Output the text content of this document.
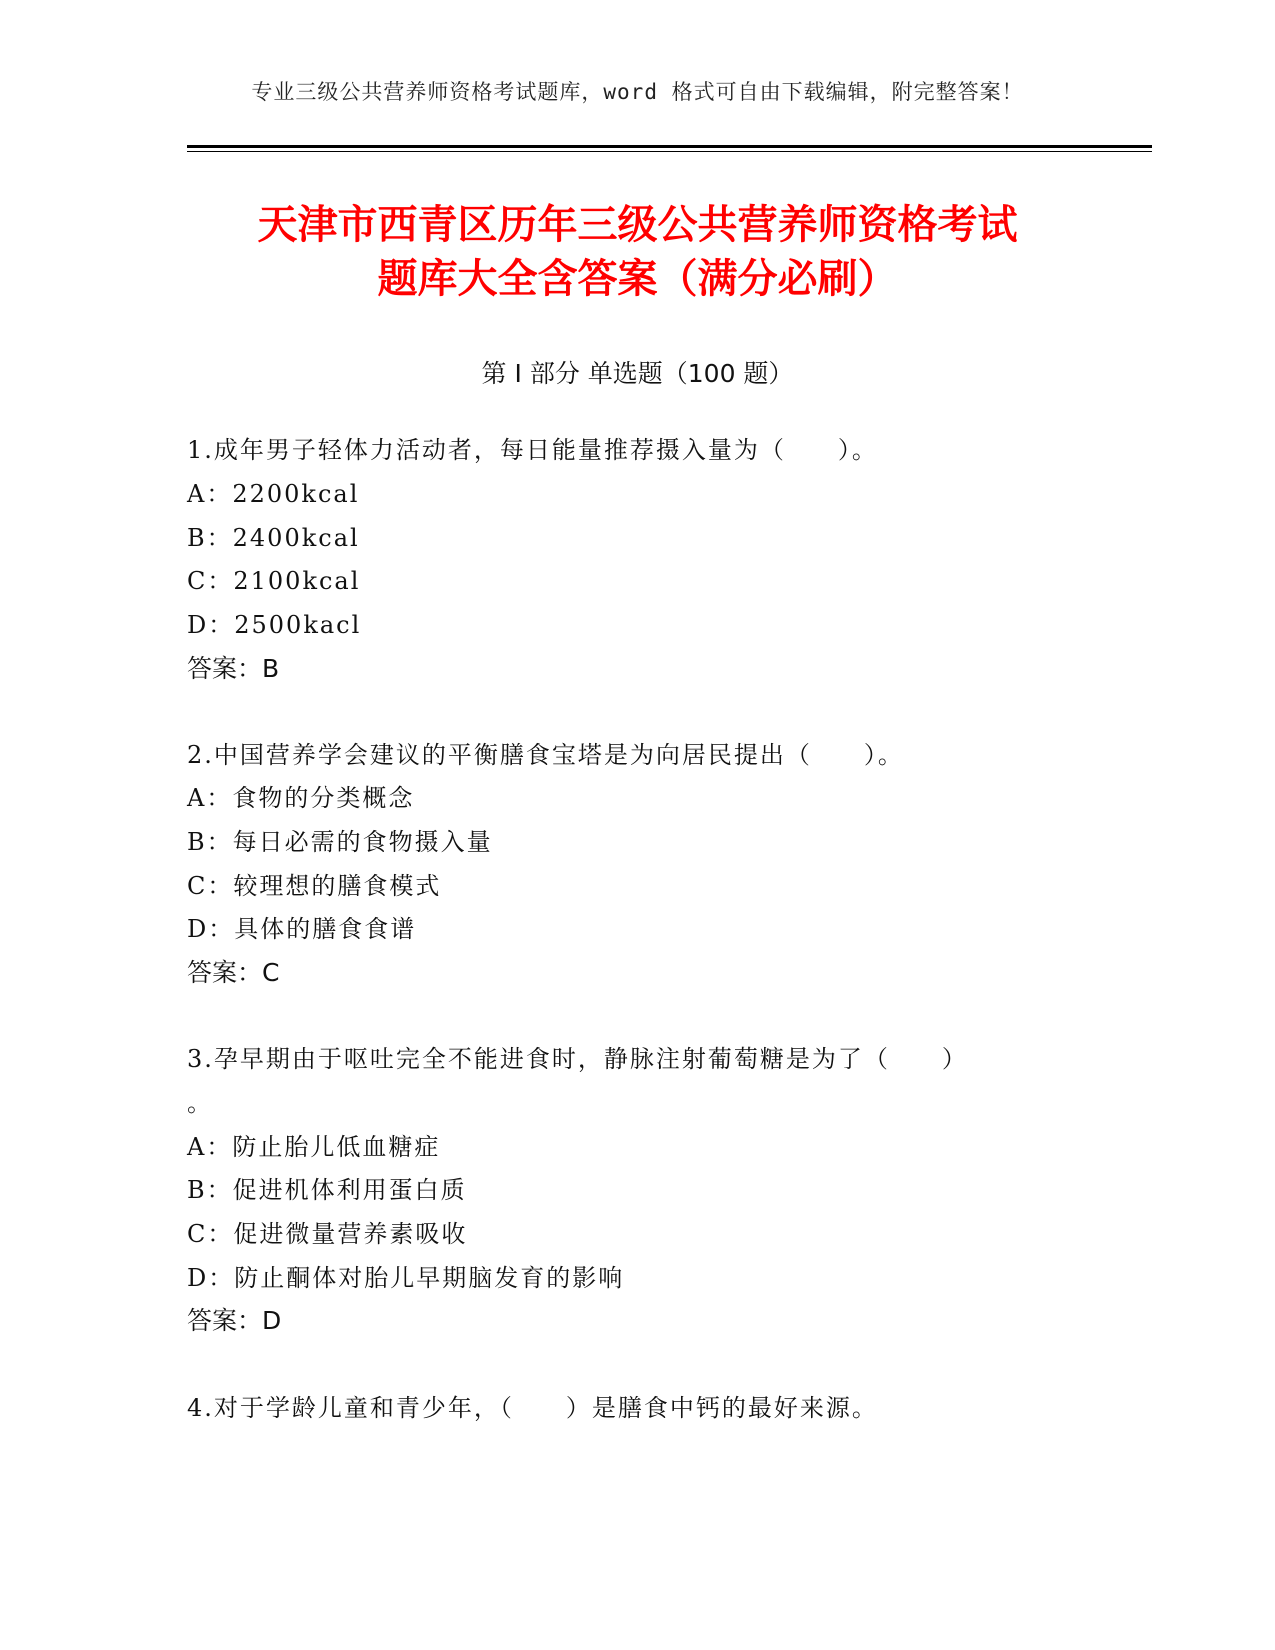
专业三级公共营养师资格考试题库，word 格式可自由下载编辑，附完整答案！
天津市西青区历年三级公共营养师资格考试
题库大全含答案（满分必刷）
第 I 部分 单选题（100 题）
1.成年男子轻体力活动者，每日能量推荐摄入量为（　　）。
A：2200kcal
B：2400kcal
C：2100kcal
D：2500kacl
答案：B
2.中国营养学会建议的平衡膳食宝塔是为向居民提出（　　）。
A：食物的分类概念
B：每日必需的食物摄入量
C：较理想的膳食模式
D：具体的膳食食谱
答案：C
3.孕早期由于呕吐完全不能进食时，静脉注射葡萄糖是为了（　　）
。
A：防止胎儿低血糖症
B：促进机体利用蛋白质
C：促进微量营养素吸收
D：防止酮体对胎儿早期脑发育的影响
答案：D
4.对于学龄儿童和青少年，（　　）是膳食中钙的最好来源。
